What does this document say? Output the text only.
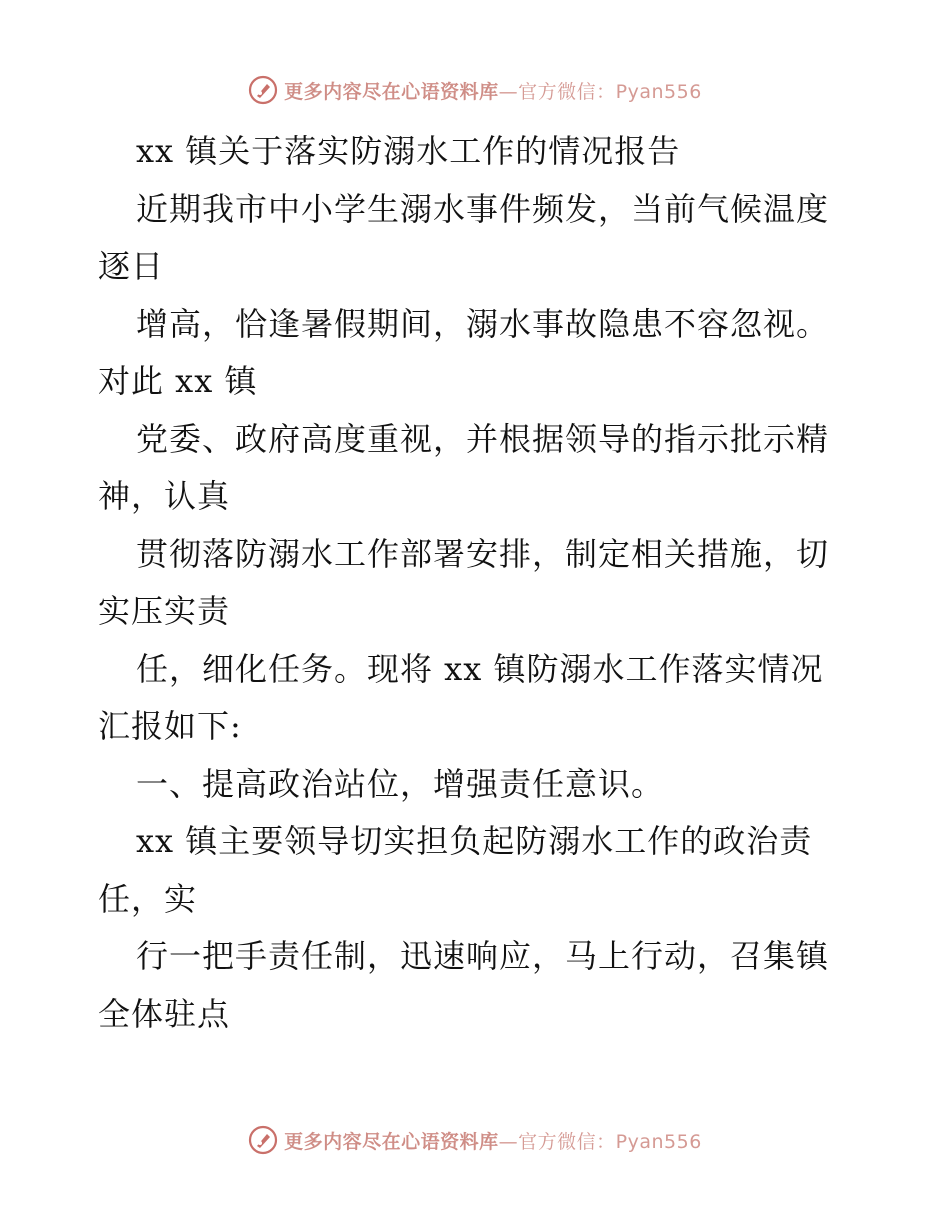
更多内容尽在心语资料库—官方微信：Pyan556
xx 镇关于落实防溺水工作的情况报告
近期我市中小学生溺水事件频发，当前气候温度
逐日
增高，恰逢暑假期间，溺水事故隐患不容忽视。
对此 xx 镇
党委、政府高度重视，并根据领导的指示批示精
神，认真
贯彻落防溺水工作部署安排，制定相关措施，切
实压实责
任，细化任务。现将 xx 镇防溺水工作落实情况
汇报如下:
一、提高政治站位，增强责任意识。
xx 镇主要领导切实担负起防溺水工作的政治责
任，实
行一把手责任制，迅速响应，马上行动，召集镇
全体驻点
更多内容尽在心语资料库—官方微信：Pyan556
